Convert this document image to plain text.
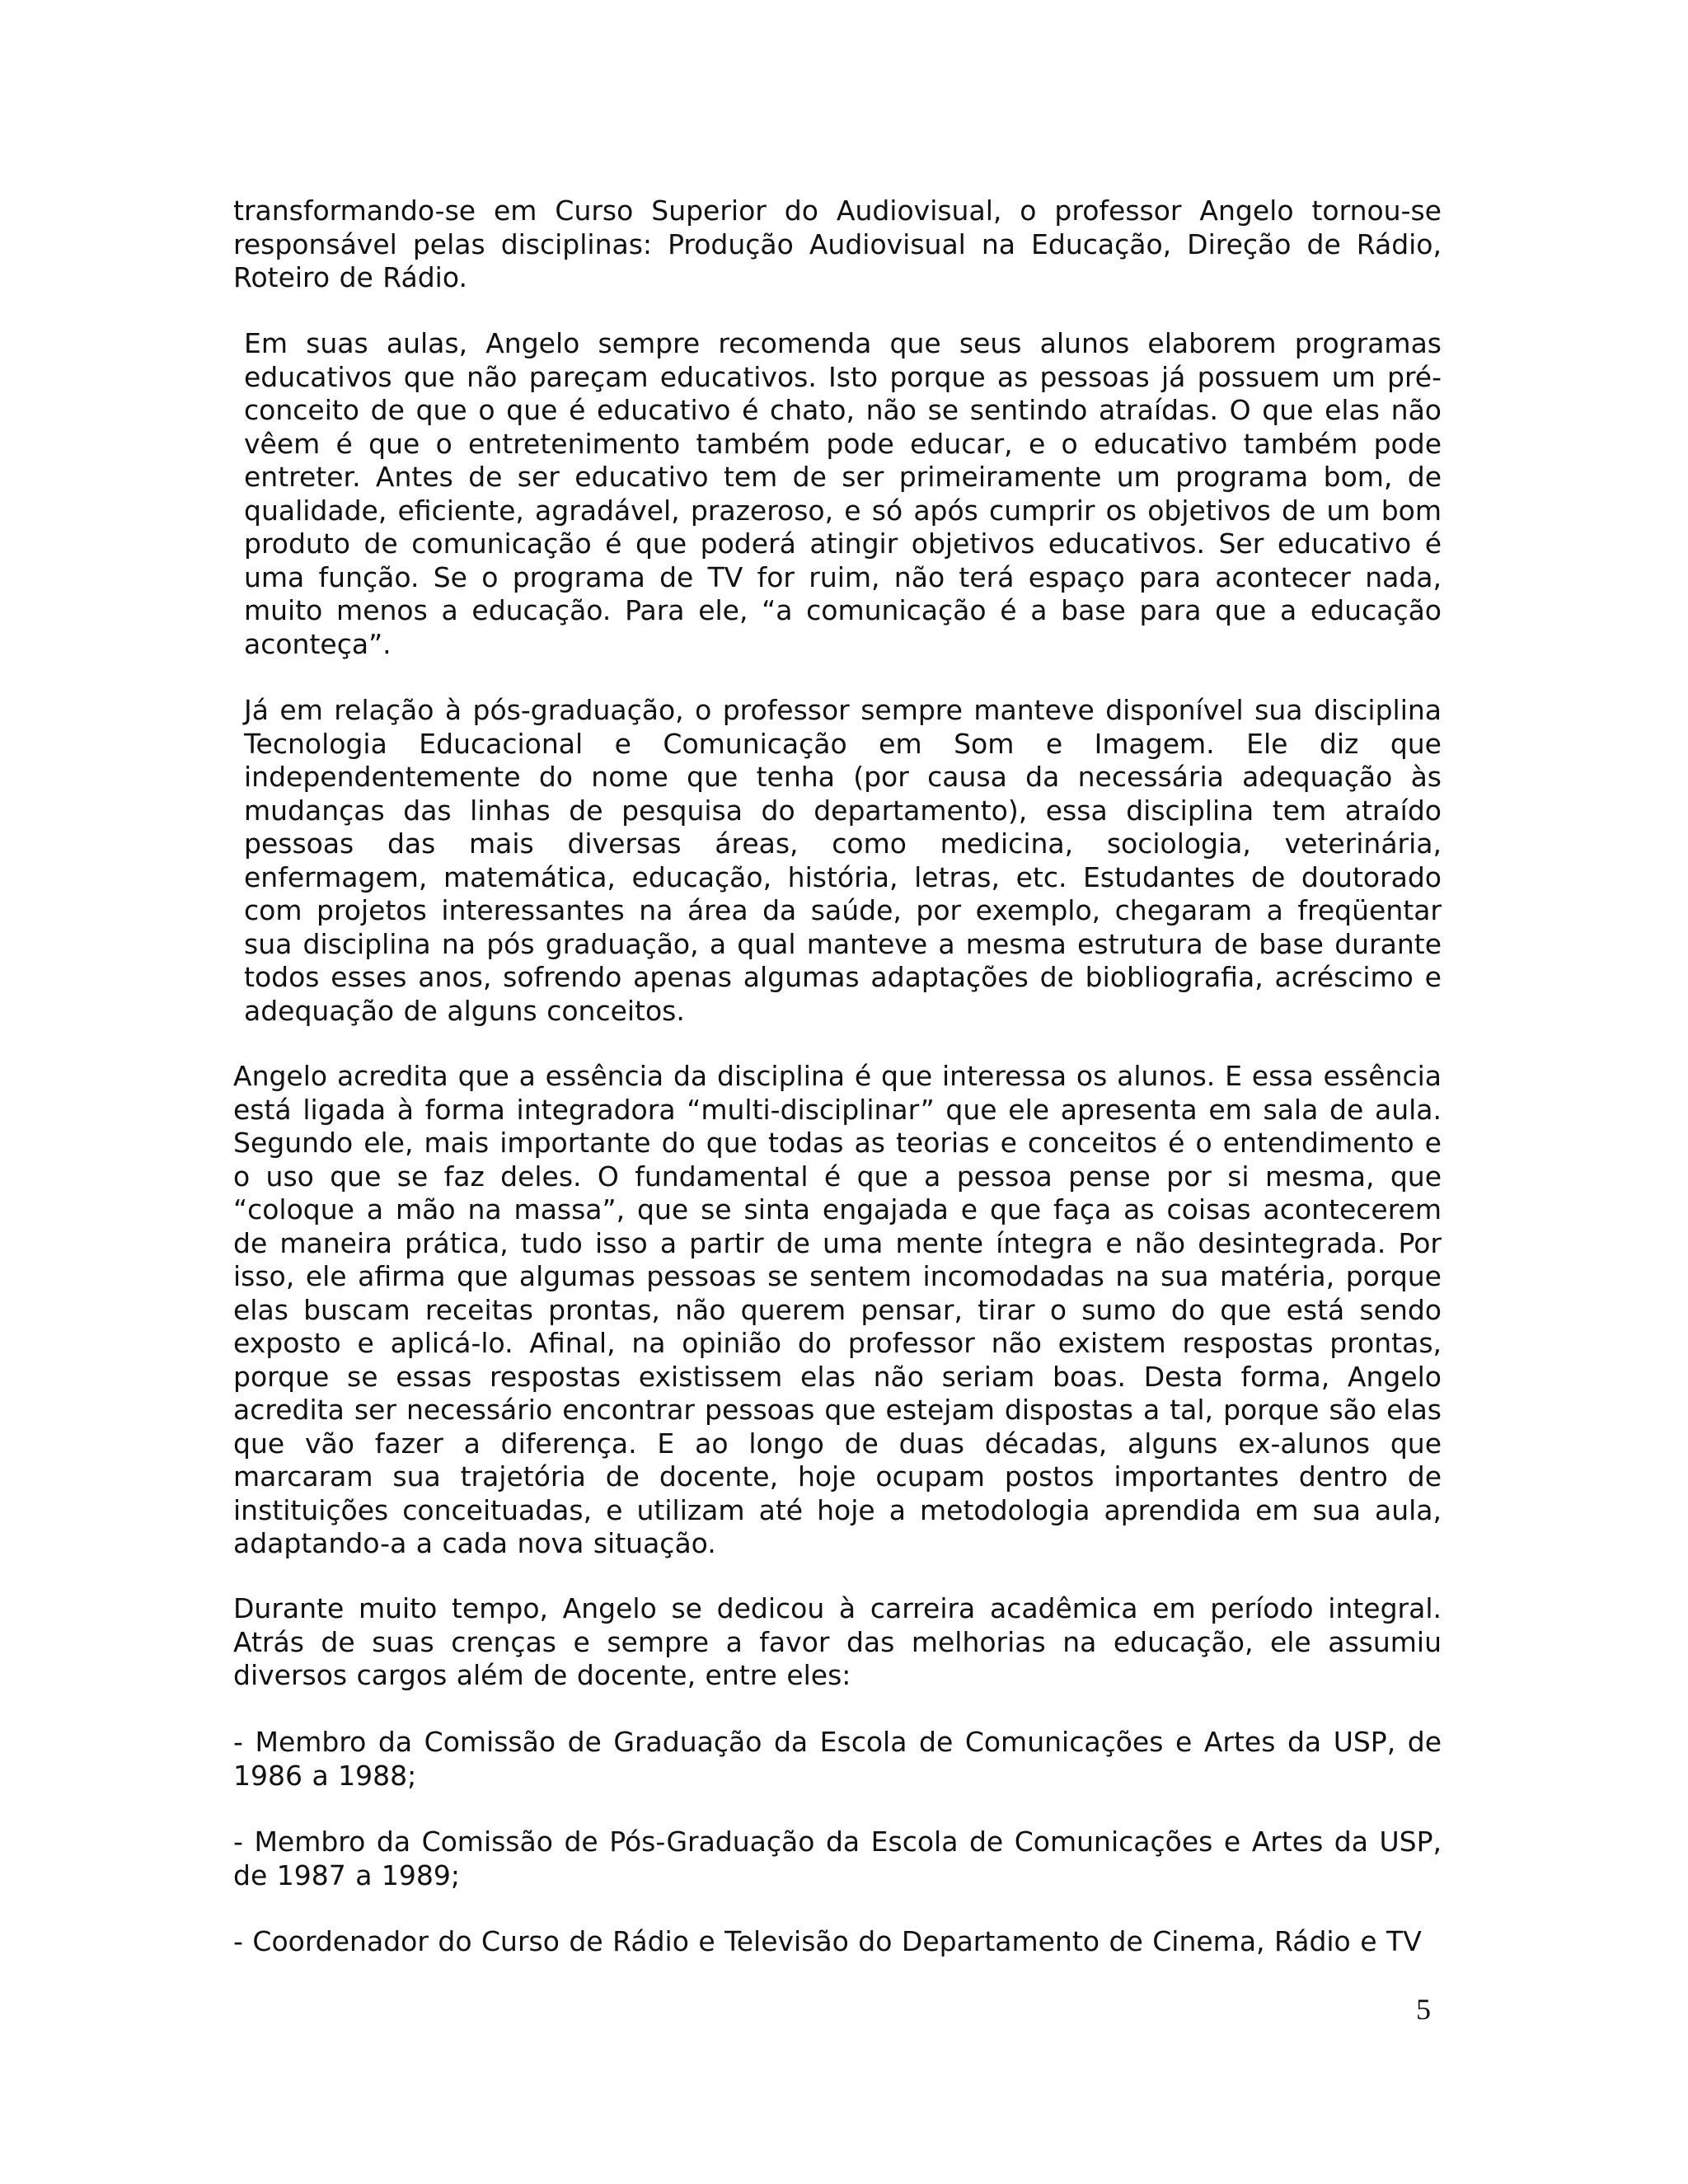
transformando-se em Curso Superior do Audiovisual, o professor Angelo tornou-se responsável pelas disciplinas: Produção Audiovisual na Educação, Direção de Rádio, Roteiro de Rádio.

Em suas aulas, Angelo sempre recomenda que seus alunos elaborem programas educativos que não pareçam educativos. Isto porque as pessoas já possuem um pré-conceito de que o que é educativo é chato, não se sentindo atraídas. O que elas não vêem é que o entretenimento também pode educar, e o educativo também pode entreter. Antes de ser educativo tem de ser primeiramente um programa bom, de qualidade, eficiente, agradável, prazeroso, e só após cumprir os objetivos de um bom produto de comunicação é que poderá atingir objetivos educativos. Ser educativo é uma função. Se o programa de TV for ruim, não terá espaço para acontecer nada, muito menos a educação. Para ele, “a comunicação é a base para que a educação aconteça”.

Já em relação à pós-graduação, o professor sempre manteve disponível sua disciplina Tecnologia Educacional e Comunicação em Som e Imagem. Ele diz que independentemente do nome que tenha (por causa da necessária adequação às mudanças das linhas de pesquisa do departamento), essa disciplina tem atraído pessoas das mais diversas áreas, como medicina, sociologia, veterinária, enfermagem, matemática, educação, história, letras, etc. Estudantes de doutorado com projetos interessantes na área da saúde, por exemplo, chegaram a freqüentar sua disciplina na pós graduação, a qual manteve a mesma estrutura de base durante todos esses anos, sofrendo apenas algumas adaptações de biobliografia, acréscimo e adequação de alguns conceitos.

Angelo acredita que a essência da disciplina é que interessa os alunos. E essa essência está ligada à forma integradora “multi-disciplinar” que ele apresenta em sala de aula. Segundo ele, mais importante do que todas as teorias e conceitos é o entendimento e o uso que se faz deles. O fundamental é que a pessoa pense por si mesma, que “coloque a mão na massa”, que se sinta engajada e que faça as coisas acontecerem de maneira prática, tudo isso a partir de uma mente íntegra e não desintegrada. Por isso, ele afirma que algumas pessoas se sentem incomodadas na sua matéria, porque elas buscam receitas prontas, não querem pensar, tirar o sumo do que está sendo exposto e aplicá-lo. Afinal, na opinião do professor não existem respostas prontas, porque se essas respostas existissem elas não seriam boas. Desta forma, Angelo acredita ser necessário encontrar pessoas que estejam dispostas a tal, porque são elas que vão fazer a diferença. E ao longo de duas décadas, alguns ex-alunos que marcaram sua trajetória de docente, hoje ocupam postos importantes dentro de instituições conceituadas, e utilizam até hoje a metodologia aprendida em sua aula, adaptando-a a cada nova situação.

Durante muito tempo, Angelo se dedicou à carreira acadêmica em período integral. Atrás de suas crenças e sempre a favor das melhorias na educação, ele assumiu diversos cargos além de docente, entre eles:

- Membro da Comissão de Graduação da Escola de Comunicações e Artes da USP, de 1986 a 1988;

- Membro da Comissão de Pós-Graduação da Escola de Comunicações e Artes da USP, de 1987 a 1989;

- Coordenador do Curso de Rádio e Televisão do Departamento de Cinema, Rádio e TV

5
